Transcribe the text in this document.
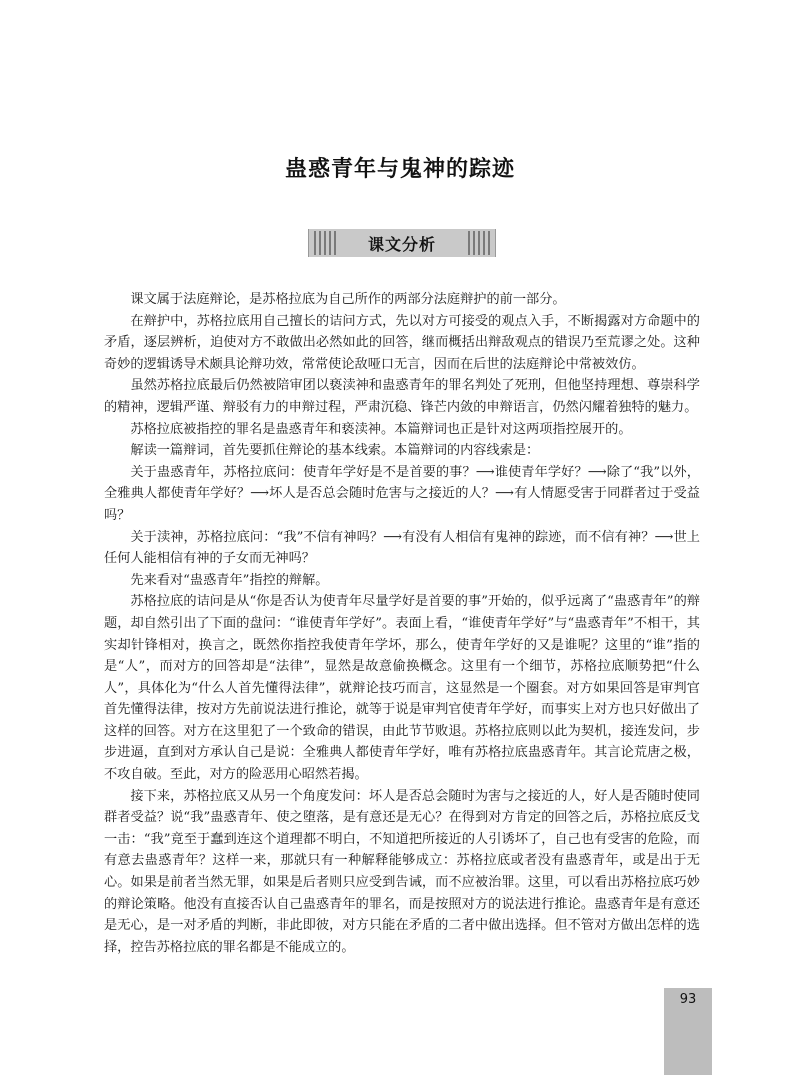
蛊惑青年与鬼神的踪迹
课文分析

课文属于法庭辩论，是苏格拉底为自己所作的两部分法庭辩护的前一部分。

在辩护中，苏格拉底用自己擅长的诘问方式，先以对方可接受的观点入手，不断揭露对方命题中的矛盾，逐层辨析，迫使对方不敢做出必然如此的回答，继而概括出辩敌观点的错误乃至荒谬之处。这种奇妙的逻辑诱导术颇具论辩功效，常常使论敌哑口无言，因而在后世的法庭辩论中常被效仿。

虽然苏格拉底最后仍然被陪审团以亵渎神和蛊惑青年的罪名判处了死刑，但他坚持理想、尊崇科学的精神，逻辑严谨、辩驳有力的申辩过程，严肃沉稳、锋芒内敛的申辩语言，仍然闪耀着独特的魅力。

苏格拉底被指控的罪名是蛊惑青年和亵渎神。本篇辩词也正是针对这两项指控展开的。

解读一篇辩词，首先要抓住辩论的基本线索。本篇辩词的内容线索是：

关于蛊惑青年，苏格拉底问：使青年学好是不是首要的事？⟶谁使青年学好？⟶除了“我”以外，全雅典人都使青年学好？⟶坏人是否总会随时危害与之接近的人？⟶有人情愿受害于同群者过于受益吗？

关于渎神，苏格拉底问：“我”不信有神吗？⟶有没有人相信有鬼神的踪迹，而不信有神？⟶世上任何人能相信有神的子女而无神吗？

先来看对“蛊惑青年”指控的辩解。

苏格拉底的诘问是从“你是否认为使青年尽量学好是首要的事”开始的，似乎远离了“蛊惑青年”的辩题，却自然引出了下面的盘问：“谁使青年学好”。表面上看，“谁使青年学好”与“蛊惑青年”不相干，其实却针锋相对，换言之，既然你指控我使青年学坏，那么，使青年学好的又是谁呢？这里的“谁”指的是“人”，而对方的回答却是“法律”，显然是故意偷换概念。这里有一个细节，苏格拉底顺势把“什么人”，具体化为“什么人首先懂得法律”，就辩论技巧而言，这显然是一个圈套。对方如果回答是审判官首先懂得法律，按对方先前说法进行推论，就等于说是审判官使青年学好，而事实上对方也只好做出了这样的回答。对方在这里犯了一个致命的错误，由此节节败退。苏格拉底则以此为契机，接连发问，步步进逼，直到对方承认自己是说：全雅典人都使青年学好，唯有苏格拉底蛊惑青年。其言论荒唐之极，不攻自破。至此，对方的险恶用心昭然若揭。

接下来，苏格拉底又从另一个角度发问：坏人是否总会随时为害与之接近的人，好人是否随时使同群者受益？说“我”蛊惑青年、使之堕落，是有意还是无心？在得到对方肯定的回答之后，苏格拉底反戈一击：“我”竟至于蠢到连这个道理都不明白，不知道把所接近的人引诱坏了，自己也有受害的危险，而有意去蛊惑青年？这样一来，那就只有一种解释能够成立：苏格拉底或者没有蛊惑青年，或是出于无心。如果是前者当然无罪，如果是后者则只应受到告诫，而不应被治罪。这里，可以看出苏格拉底巧妙的辩论策略。他没有直接否认自己蛊惑青年的罪名，而是按照对方的说法进行推论。蛊惑青年是有意还是无心，是一对矛盾的判断，非此即彼，对方只能在矛盾的二者中做出选择。但不管对方做出怎样的选择，控告苏格拉底的罪名都是不能成立的。

93
